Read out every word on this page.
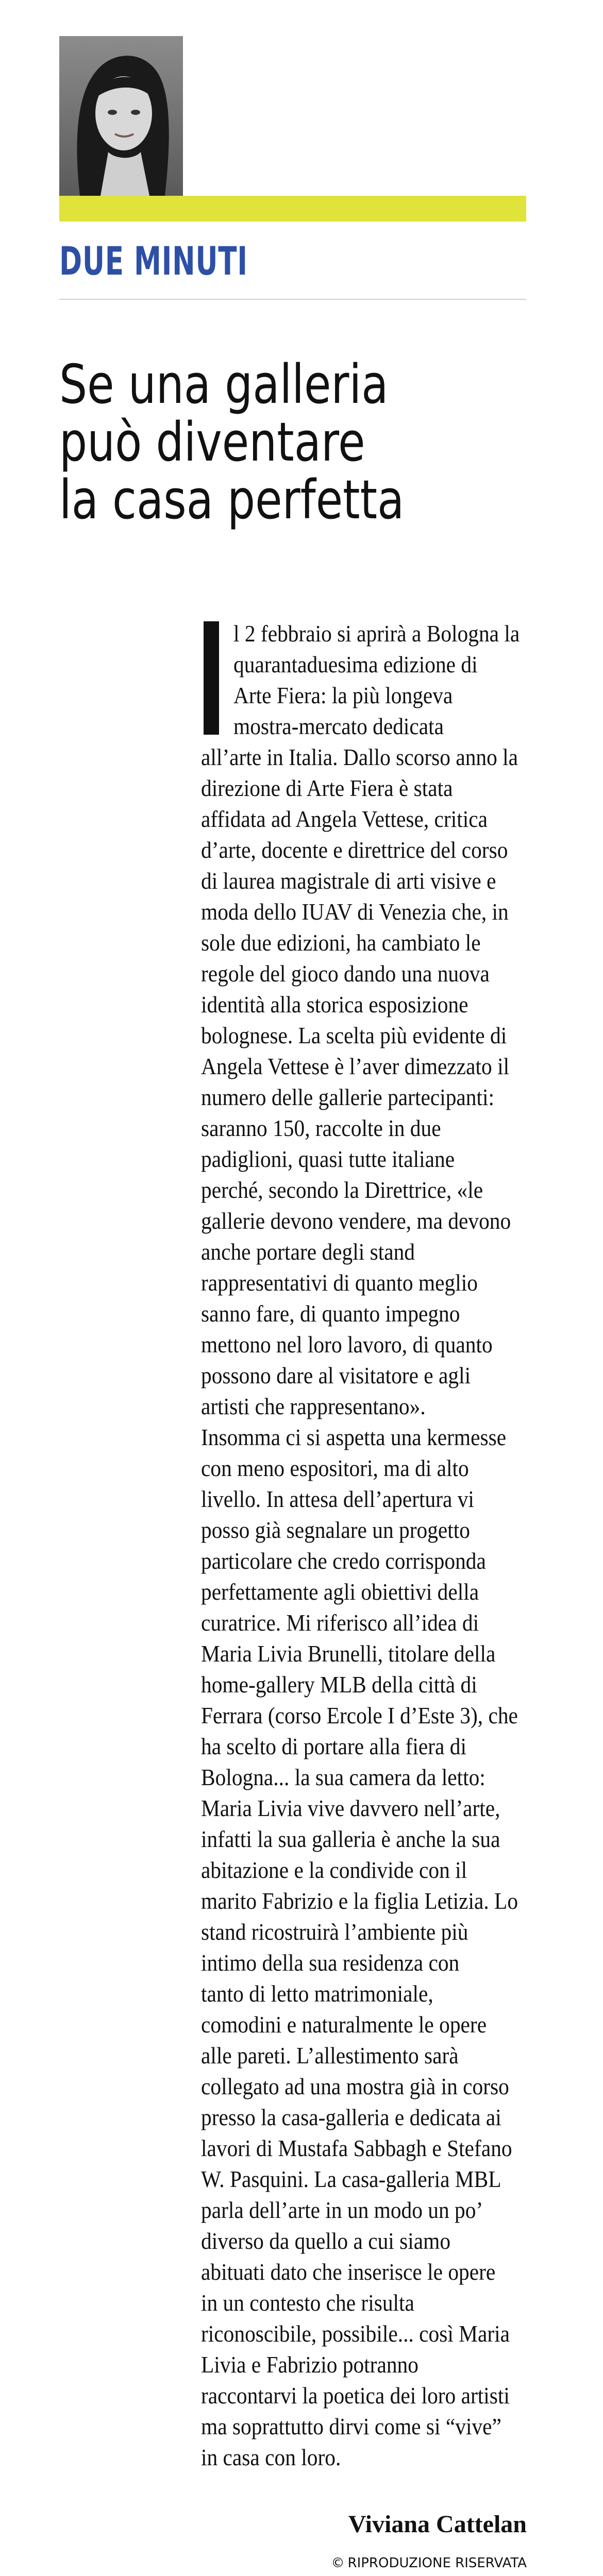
DUE MINUTI
Se una galleria
può diventare
la casa perfetta
l 2 febbraio si aprirà a Bologna la
quarantaduesima edizione di
Arte Fiera: la più longeva
mostra-mercato dedicata
all’arte in Italia. Dallo scorso anno la
direzione di Arte Fiera è stata
affidata ad Angela Vettese, critica
d’arte, docente e direttrice del corso
di laurea magistrale di arti visive e
moda dello IUAV di Venezia che, in
sole due edizioni, ha cambiato le
regole del gioco dando una nuova
identità alla storica esposizione
bolognese. La scelta più evidente di
Angela Vettese è l’aver dimezzato il
numero delle gallerie partecipanti:
saranno 150, raccolte in due
padiglioni, quasi tutte italiane
perché, secondo la Direttrice, «le
gallerie devono vendere, ma devono
anche portare degli stand
rappresentativi di quanto meglio
sanno fare, di quanto impegno
mettono nel loro lavoro, di quanto
possono dare al visitatore e agli
artisti che rappresentano».
Insomma ci si aspetta una kermesse
con meno espositori, ma di alto
livello. In attesa dell’apertura vi
posso già segnalare un progetto
particolare che credo corrisponda
perfettamente agli obiettivi della
curatrice. Mi riferisco all’idea di
Maria Livia Brunelli, titolare della
home-gallery MLB della città di
Ferrara (corso Ercole I d’Este 3), che
ha scelto di portare alla fiera di
Bologna... la sua camera da letto:
Maria Livia vive davvero nell’arte,
infatti la sua galleria è anche la sua
abitazione e la condivide con il
marito Fabrizio e la figlia Letizia. Lo
stand ricostruirà l’ambiente più
intimo della sua residenza con
tanto di letto matrimoniale,
comodini e naturalmente le opere
alle pareti. L’allestimento sarà
collegato ad una mostra già in corso
presso la casa-galleria e dedicata ai
lavori di Mustafa Sabbagh e Stefano
W. Pasquini. La casa-galleria MBL
parla dell’arte in un modo un po’
diverso da quello a cui siamo
abituati dato che inserisce le opere
in un contesto che risulta
riconoscibile, possibile... così Maria
Livia e Fabrizio potranno
raccontarvi la poetica dei loro artisti
ma soprattutto dirvi come si “vive”
in casa con loro.
Viviana Cattelan
© RIPRODUZIONE RISERVATA
